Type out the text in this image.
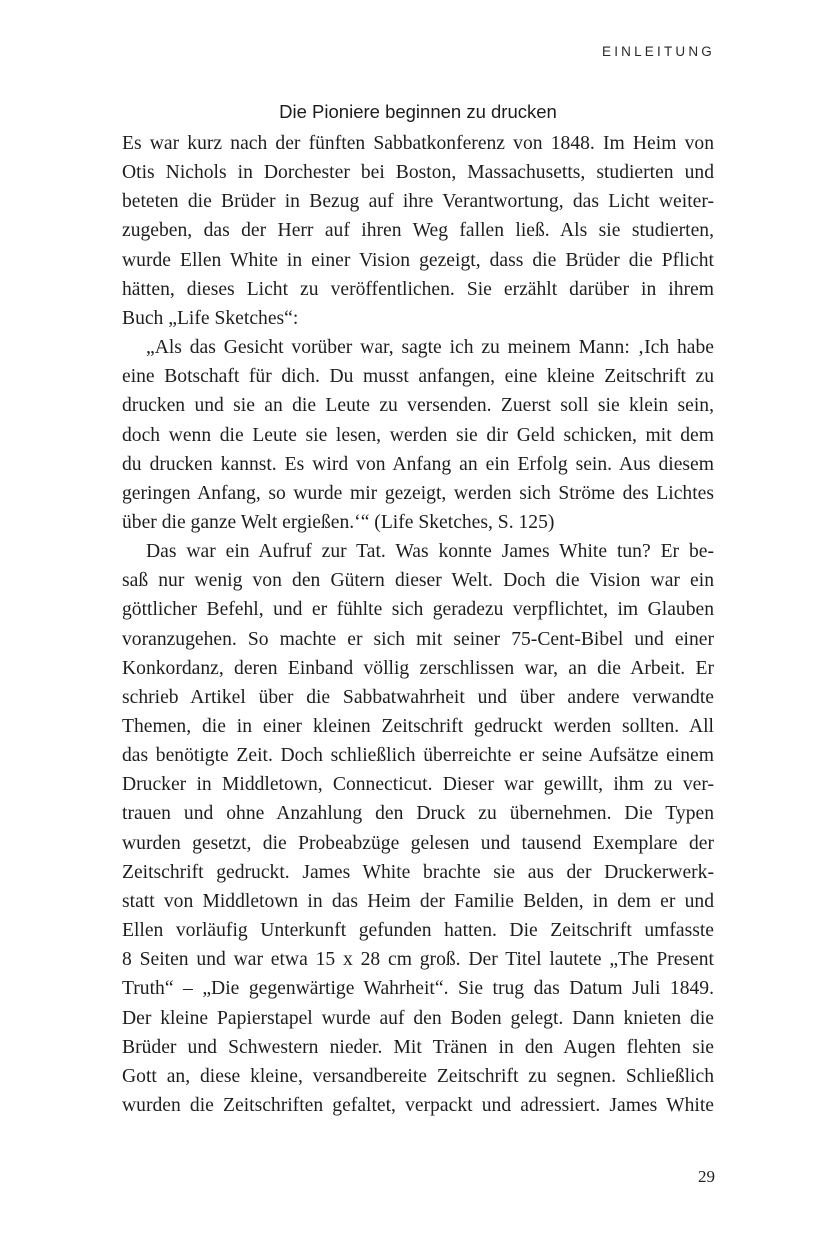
EINLEITUNG
Die Pioniere beginnen zu drucken
Es war kurz nach der fünften Sabbatkonferenz von 1848. Im Heim von
Otis Nichols in Dorchester bei Boston, Massachusetts, studierten und
beteten die Brüder in Bezug auf ihre Verantwortung, das Licht weiter-
zugeben, das der Herr auf ihren Weg fallen ließ. Als sie studierten,
wurde Ellen White in einer Vision gezeigt, dass die Brüder die Pflicht
hätten, dieses Licht zu veröffentlichen. Sie erzählt darüber in ihrem
Buch „Life Sketches“:
„Als das Gesicht vorüber war, sagte ich zu meinem Mann: ‚Ich habe
eine Botschaft für dich. Du musst anfangen, eine kleine Zeitschrift zu
drucken und sie an die Leute zu versenden. Zuerst soll sie klein sein,
doch wenn die Leute sie lesen, werden sie dir Geld schicken, mit dem
du drucken kannst. Es wird von Anfang an ein Erfolg sein. Aus diesem
geringen Anfang, so wurde mir gezeigt, werden sich Ströme des Lichtes
über die ganze Welt ergießen.‘“ (Life Sketches, S. 125)
Das war ein Aufruf zur Tat. Was konnte James White tun? Er be-
saß nur wenig von den Gütern dieser Welt. Doch die Vision war ein
göttlicher Befehl, und er fühlte sich geradezu verpflichtet, im Glauben
voranzugehen. So machte er sich mit seiner 75-Cent-Bibel und einer
Konkordanz, deren Einband völlig zerschlissen war, an die Arbeit. Er
schrieb Artikel über die Sabbatwahrheit und über andere verwandte
Themen, die in einer kleinen Zeitschrift gedruckt werden sollten. All
das benötigte Zeit. Doch schließlich überreichte er seine Aufsätze einem
Drucker in Middletown, Connecticut. Dieser war gewillt, ihm zu ver-
trauen und ohne Anzahlung den Druck zu übernehmen. Die Typen
wurden gesetzt, die Probeabzüge gelesen und tausend Exemplare der
Zeitschrift gedruckt. James White brachte sie aus der Druckerwerk-
statt von Middletown in das Heim der Familie Belden, in dem er und
Ellen vorläufig Unterkunft gefunden hatten. Die Zeitschrift umfasste
8 Seiten und war etwa 15 x 28 cm groß. Der Titel lautete „The Present
Truth“ – „Die gegenwärtige Wahrheit“. Sie trug das Datum Juli 1849.
Der kleine Papierstapel wurde auf den Boden gelegt. Dann knieten die
Brüder und Schwestern nieder. Mit Tränen in den Augen flehten sie
Gott an, diese kleine, versandbereite Zeitschrift zu segnen. Schließlich
wurden die Zeitschriften gefaltet, verpackt und adressiert. James White
29
